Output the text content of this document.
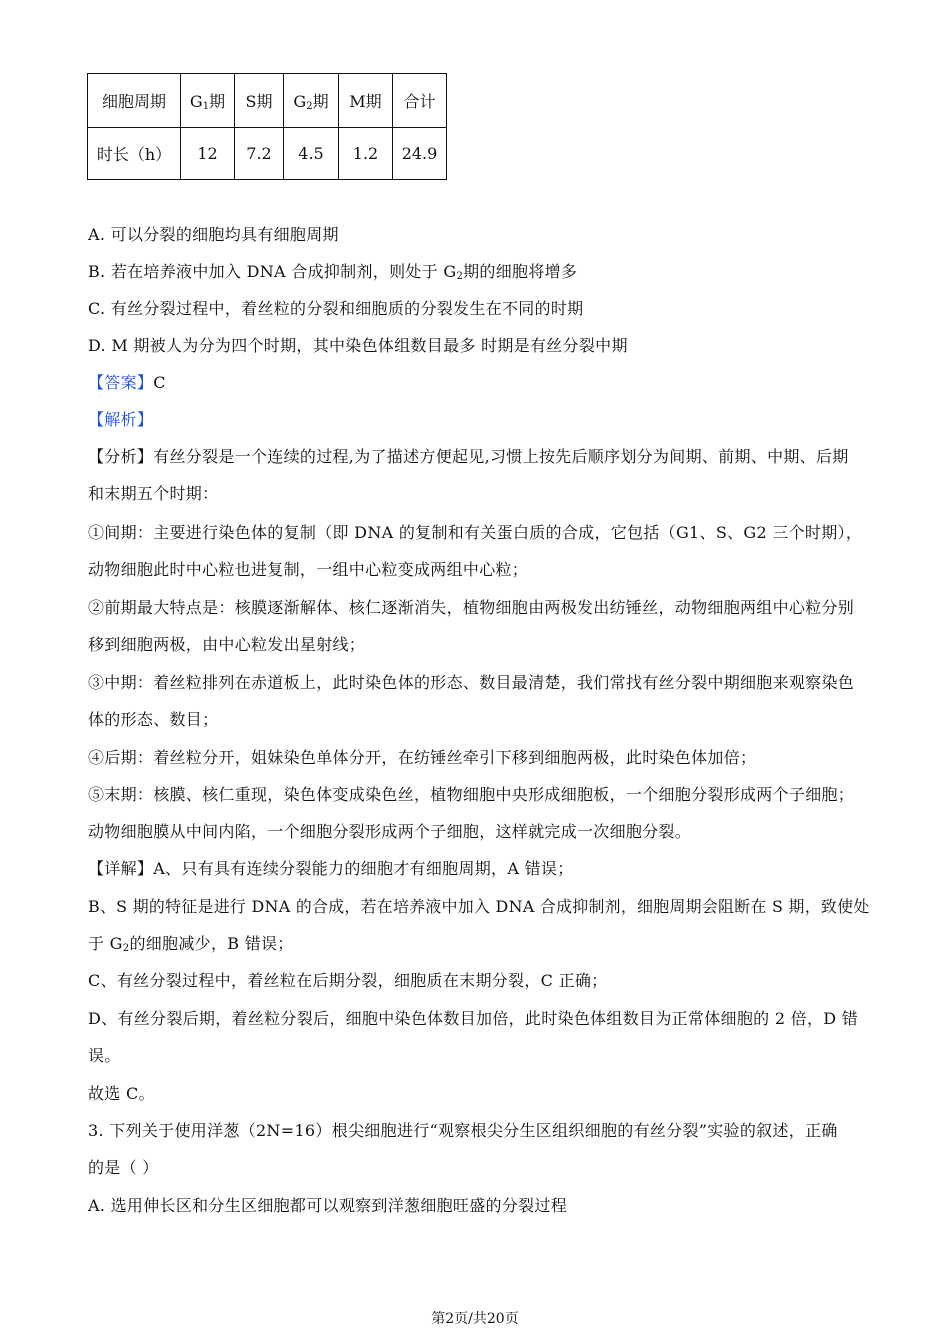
细胞周期	$G_1$期	S期	$G_2$期	M期	合计
时长（h）	12	7.2	4.5	1.2	24.9
A. 可以分裂的细胞均具有细胞周期
B. 若在培养液中加入 DNA 合成抑制剂，则处于 $G_2$期的细胞将增多
C. 有丝分裂过程中，着丝粒的分裂和细胞质的分裂发生在不同的时期
D. M 期被人为分为四个时期，其中染色体组数目最多 时期是有丝分裂中期
【答案】C
【解析】
【分析】有丝分裂是一个连续的过程,为了描述方便起见,习惯上按先后顺序划分为间期、前期、中期、后期
和末期五个时期：
①间期：主要进行染色体的复制（即 DNA 的复制和有关蛋白质的合成，它包括（G1、S、G2 三个时期），
动物细胞此时中心粒也进复制，一组中心粒变成两组中心粒；
②前期最大特点是：核膜逐渐解体、核仁逐渐消失，植物细胞由两极发出纺锤丝，动物细胞两组中心粒分别
移到细胞两极，由中心粒发出星射线；
③中期：着丝粒排列在赤道板上，此时染色体的形态、数目最清楚，我们常找有丝分裂中期细胞来观察染色
体的形态、数目；
④后期：着丝粒分开，姐妹染色单体分开，在纺锤丝牵引下移到细胞两极，此时染色体加倍；
⑤末期：核膜、核仁重现，染色体变成染色丝，植物细胞中央形成细胞板，一个细胞分裂形成两个子细胞；
动物细胞膜从中间内陷，一个细胞分裂形成两个子细胞，这样就完成一次细胞分裂。
【详解】A、只有具有连续分裂能力的细胞才有细胞周期，A 错误；
B、S 期的特征是进行 DNA 的合成，若在培养液中加入 DNA 合成抑制剂，细胞周期会阻断在 S 期，致使处
于 $G_2$的细胞减少，B 错误；
C、有丝分裂过程中，着丝粒在后期分裂，细胞质在末期分裂，C 正确；
D、有丝分裂后期，着丝粒分裂后，细胞中染色体数目加倍，此时染色体组数目为正常体细胞的 2 倍，D 错
误。
故选 C。
3. 下列关于使用洋葱（2N=16）根尖细胞进行“观察根尖分生区组织细胞的有丝分裂”实验的叙述，正确
的是（ ）
A. 选用伸长区和分生区细胞都可以观察到洋葱细胞旺盛的分裂过程
第2页/共20页
